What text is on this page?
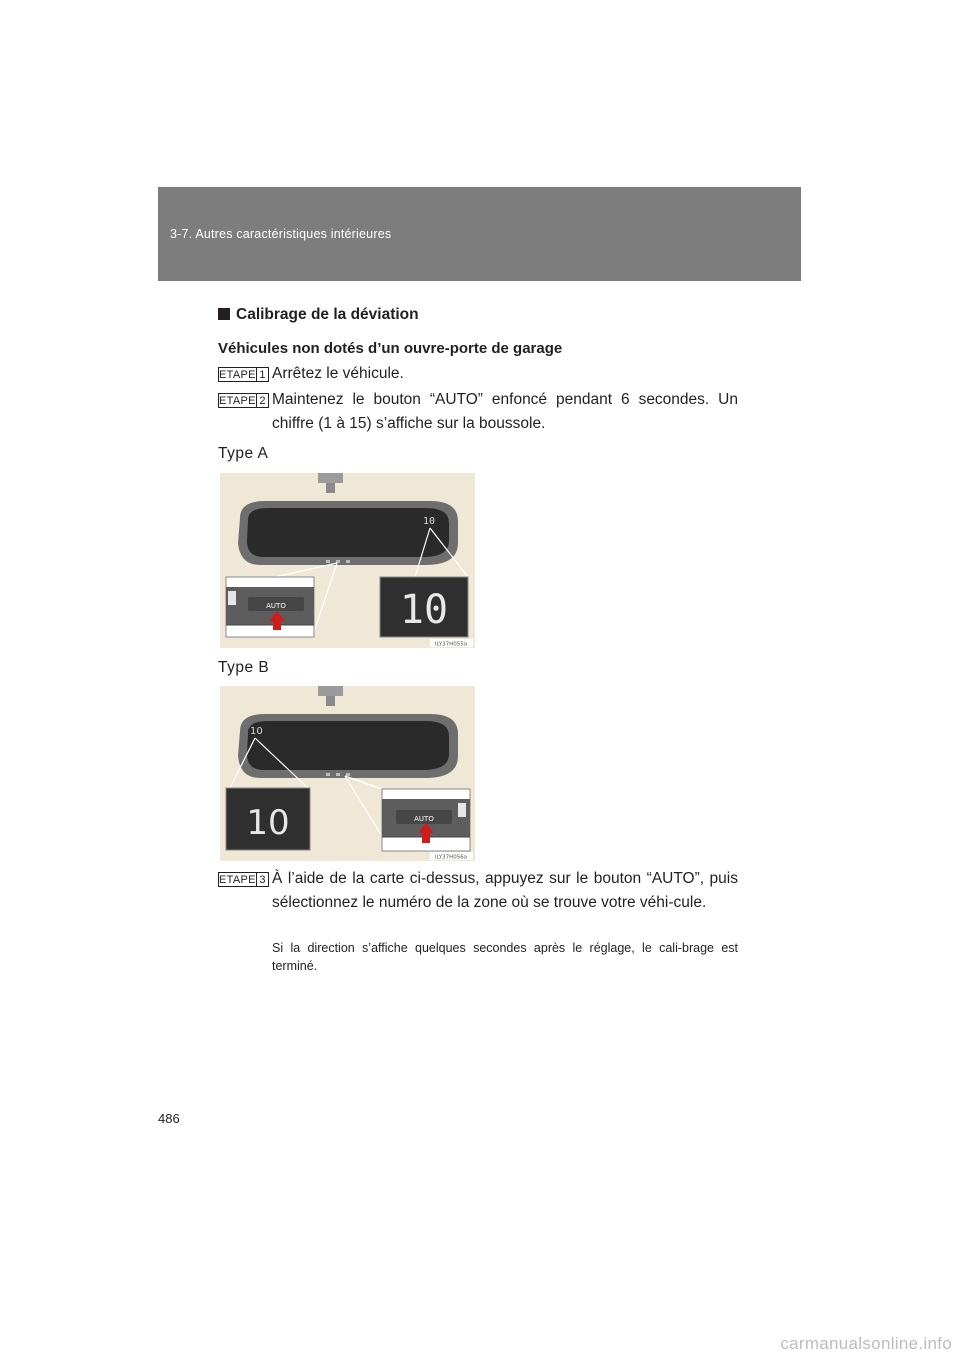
3-7. Autres caractéristiques intérieures
Calibrage de la déviation
Véhicules non dotés d’un ouvre-porte de garage
ETAPE 1 Arrêtez le véhicule.
ETAPE 2 Maintenez le bouton “AUTO” enfoncé pendant 6 secondes. Un chiffre (1 à 15) s’affiche sur la boussole.
Type A
10
AUTO	10
ILY37H055a
Type B
10
10	AUTO
ILY37H056a
ETAPE 3 À l’aide de la carte ci-dessus, appuyez sur le bouton “AUTO”, puis sélectionnez le numéro de la zone où se trouve votre véhi-cule.
Si la direction s’affiche quelques secondes après le réglage, le cali-brage est terminé.
486
carmanualsonline.info
